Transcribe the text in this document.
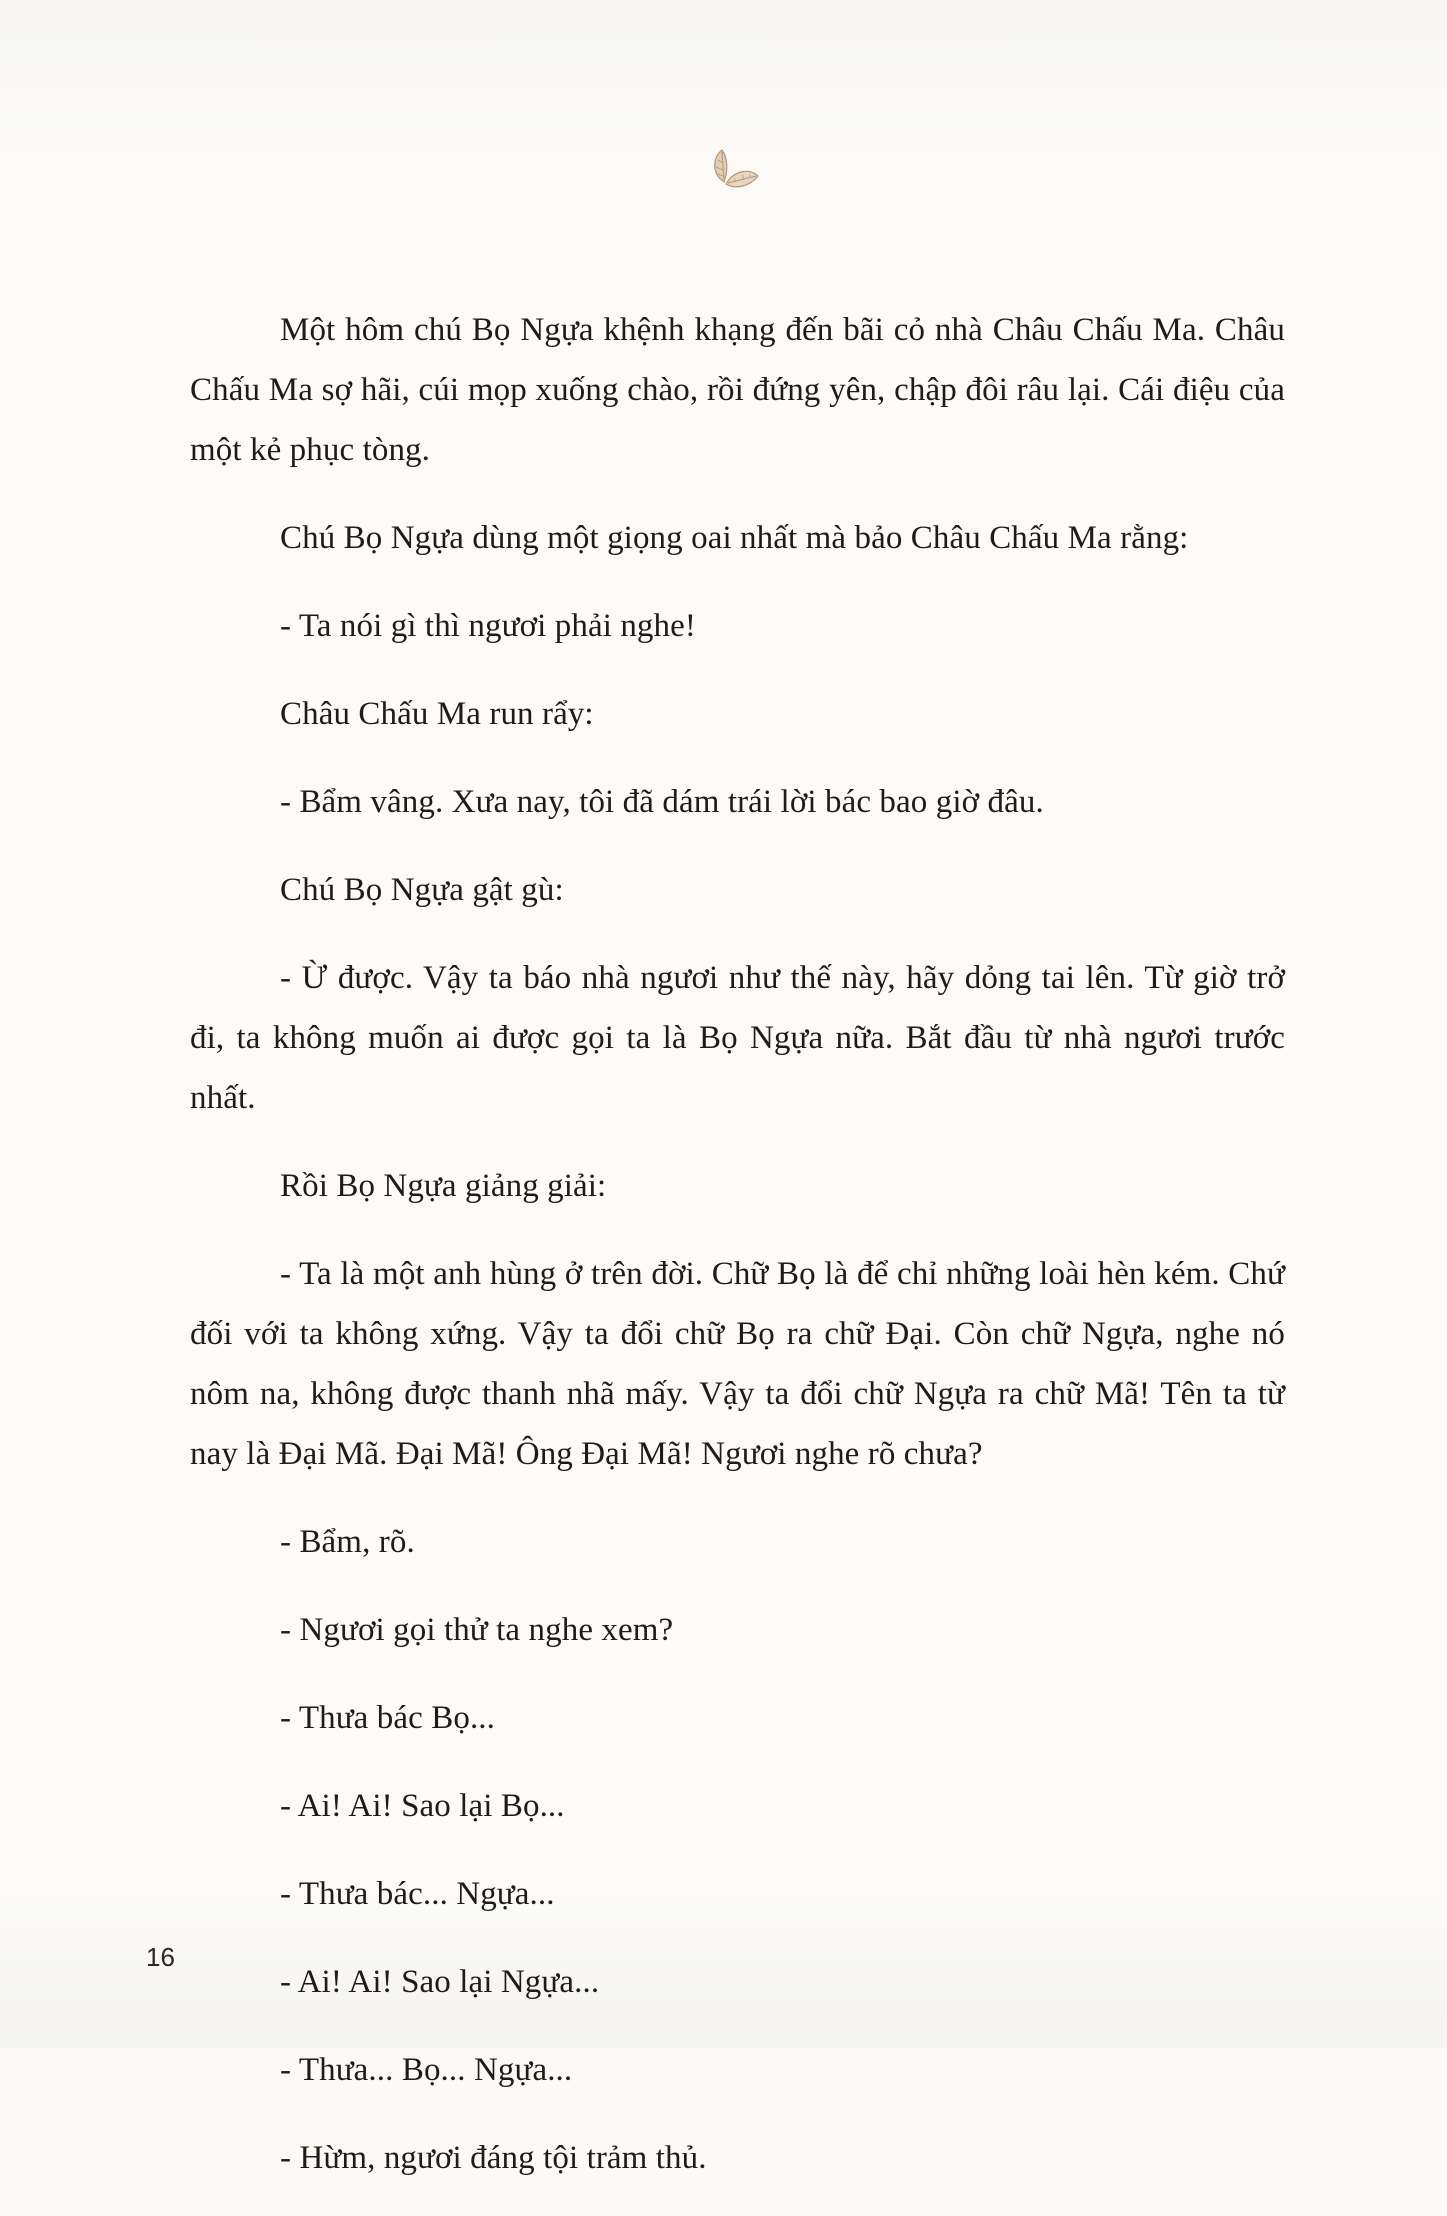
Một hôm chú Bọ Ngựa khệnh khạng đến bãi cỏ nhà Châu Chấu Ma. Châu Chấu Ma sợ hãi, cúi mọp xuống chào, rồi đứng yên, chập đôi râu lại. Cái điệu của một kẻ phục tòng.

Chú Bọ Ngựa dùng một giọng oai nhất mà bảo Châu Chấu Ma rằng:

- Ta nói gì thì ngươi phải nghe!

Châu Chấu Ma run rẩy:

- Bẩm vâng. Xưa nay, tôi đã dám trái lời bác bao giờ đâu.

Chú Bọ Ngựa gật gù:

- Ừ được. Vậy ta báo nhà ngươi như thế này, hãy dỏng tai lên. Từ giờ trở đi, ta không muốn ai được gọi ta là Bọ Ngựa nữa. Bắt đầu từ nhà ngươi trước nhất.

Rồi Bọ Ngựa giảng giải:

- Ta là một anh hùng ở trên đời. Chữ Bọ là để chỉ những loài hèn kém. Chứ đối với ta không xứng. Vậy ta đổi chữ Bọ ra chữ Đại. Còn chữ Ngựa, nghe nó nôm na, không được thanh nhã mấy. Vậy ta đổi chữ Ngựa ra chữ Mã! Tên ta từ nay là Đại Mã. Đại Mã! Ông Đại Mã! Ngươi nghe rõ chưa?

- Bẩm, rõ.

- Ngươi gọi thử ta nghe xem?

- Thưa bác Bọ...

- Ai! Ai! Sao lại Bọ...

- Thưa bác... Ngựa...

- Ai! Ai! Sao lại Ngựa...

- Thưa... Bọ... Ngựa...

- Hừm, ngươi đáng tội trảm thủ.

16
